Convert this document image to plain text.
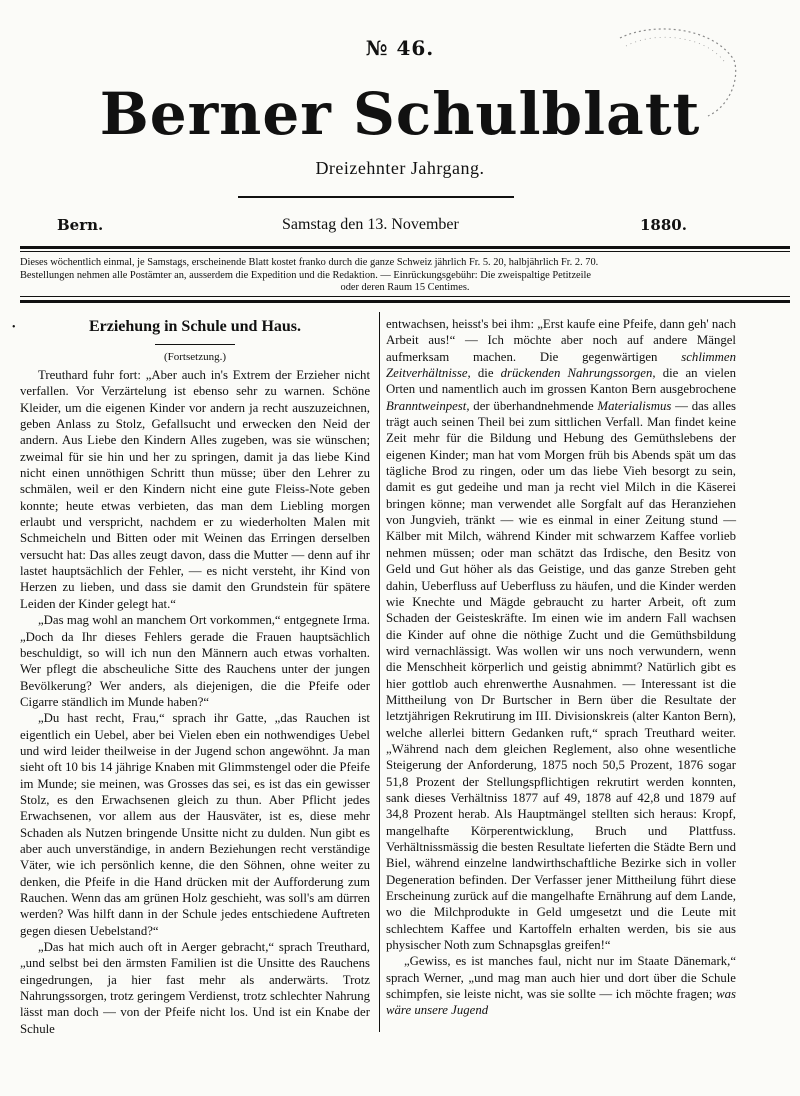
№ 46.
Berner Schulblatt
Dreizehnter Jahrgang.
Bern.	Samstag den 13. November	1880.
Dieses wöchentlich einmal, je Samstags, erscheinende Blatt kostet franko durch die ganze Schweiz jährlich Fr. 5. 20, halbjährlich Fr. 2. 70.
Bestellungen nehmen alle Postämter an, ausserdem die Expedition und die Redaktion. — Einrückungsgebühr: Die zweispaltige Petitzeile
oder deren Raum 15 Centimes.
•	Erziehung in Schule und Haus.
(Fortsetzung.)

Treuthard fuhr fort: „Aber auch in's Extrem der Erzieher nicht verfallen. Vor Verzärtelung ist ebenso sehr zu warnen. Schöne Kleider, um die eigenen Kinder vor andern ja recht auszuzeichnen, geben Anlass zu Stolz, Gefallsucht und erwecken den Neid der andern. Aus Liebe den Kindern Alles zugeben, was sie wünschen; zweimal für sie hin und her zu springen, damit ja das liebe Kind nicht einen unnöthigen Schritt thun müsse; über den Lehrer zu schmälen, weil er den Kindern nicht eine gute Fleiss-Note geben konnte; heute etwas verbieten, das man dem Liebling morgen erlaubt und verspricht, nachdem er zu wiederholten Malen mit Schmeicheln und Bitten oder mit Weinen das Erringen derselben versucht hat: Das alles zeugt davon, dass die Mutter — denn auf ihr lastet hauptsächlich der Fehler, — es nicht versteht, ihr Kind von Herzen zu lieben, und dass sie damit den Grundstein für spätere Leiden der Kinder gelegt hat.“

„Das mag wohl an manchem Ort vorkommen,“ entgegnete Irma. „Doch da Ihr dieses Fehlers gerade die Frauen hauptsächlich beschuldigt, so will ich nun den Männern auch etwas vorhalten. Wer pflegt die abscheuliche Sitte des Rauchens unter der jungen Bevölkerung? Wer anders, als diejenigen, die die Pfeife oder Cigarre ständlich im Munde haben?“

„Du hast recht, Frau,“ sprach ihr Gatte, „das Rauchen ist eigentlich ein Uebel, aber bei Vielen eben ein nothwendiges Uebel und wird leider theilweise in der Jugend schon angewöhnt. Ja man sieht oft 10 bis 14 jährige Knaben mit Glimmstengel oder die Pfeife im Munde; sie meinen, was Grosses das sei, es ist das ein gewisser Stolz, es den Erwachsenen gleich zu thun. Aber Pflicht jedes Erwachsenen, vor allem aus der Hausväter, ist es, diese mehr Schaden als Nutzen bringende Unsitte nicht zu dulden. Nun gibt es aber auch unverständige, in andern Beziehungen recht verständige Väter, wie ich persönlich kenne, die den Söhnen, ohne weiter zu denken, die Pfeife in die Hand drücken mit der Aufforderung zum Rauchen. Wenn das am grünen Holz geschieht, was soll's am dürren werden? Was hilft dann in der Schule jedes entschiedene Auftreten gegen diesen Uebelstand?“

„Das hat mich auch oft in Aerger gebracht,“ sprach Treuthard, „und selbst bei den ärmsten Familien ist die Unsitte des Rauchens eingedrungen, ja hier fast mehr als anderwärts. Trotz Nahrungssorgen, trotz geringem Verdienst, trotz schlechter Nahrung lässt man doch — von der Pfeife nicht los. Und ist ein Knabe der Schule

entwachsen, heisst's bei ihm: „Erst kaufe eine Pfeife, dann geh' nach Arbeit aus!“ — Ich möchte aber noch auf andere Mängel aufmerksam machen. Die gegenwärtigen schlimmen Zeitverhältnisse, die drückenden Nahrungssorgen, die an vielen Orten und namentlich auch im grossen Kanton Bern ausgebrochene Branntweinpest, der überhandnehmende Materialismus — das alles trägt auch seinen Theil bei zum sittlichen Verfall. Man findet keine Zeit mehr für die Bildung und Hebung des Gemüthslebens der eigenen Kinder; man hat vom Morgen früh bis Abends spät um das tägliche Brod zu ringen, oder um das liebe Vieh besorgt zu sein, damit es gut gedeihe und man ja recht viel Milch in die Käserei bringen könne; man verwendet alle Sorgfalt auf das Heranziehen von Jungvieh, tränkt — wie es einmal in einer Zeitung stund — Kälber mit Milch, während Kinder mit schwarzem Kaffee vorlieb nehmen müssen; oder man schätzt das Irdische, den Besitz von Geld und Gut höher als das Geistige, und das ganze Streben geht dahin, Ueberfluss auf Ueberfluss zu häufen, und die Kinder werden wie Knechte und Mägde gebraucht zu harter Arbeit, oft zum Schaden der Geisteskräfte. Im einen wie im andern Fall wachsen die Kinder auf ohne die nöthige Zucht und die Gemüthsbildung wird vernachlässigt. Was wollen wir uns noch verwundern, wenn die Menschheit körperlich und geistig abnimmt? Natürlich gibt es hier gottlob auch ehrenwerthe Ausnahmen. — Interessant ist die Mittheilung von Dr Burtscher in Bern über die Resultate der letztjährigen Rekrutirung im III. Divisionskreis (alter Kanton Bern), welche allerlei bittern Gedanken ruft,“ sprach Treuthard weiter. „Während nach dem gleichen Reglement, also ohne wesentliche Steigerung der Anforderung, 1875 noch 50,5 Prozent, 1876 sogar 51,8 Prozent der Stellungspflichtigen rekrutirt werden konnten, sank dieses Verhältniss 1877 auf 49, 1878 auf 42,8 und 1879 auf 34,8 Prozent herab. Als Hauptmängel stellten sich heraus: Kropf, mangelhafte Körperentwicklung, Bruch und Plattfuss. Verhältnissmässig die besten Resultate lieferten die Städte Bern und Biel, während einzelne landwirthschaftliche Bezirke sich in voller Degeneration befinden. Der Verfasser jener Mittheilung führt diese Erscheinung zurück auf die mangelhafte Ernährung auf dem Lande, wo die Milchprodukte in Geld umgesetzt und die Leute mit schlechtem Kaffee und Kartoffeln erhalten werden, bis sie aus physischer Noth zum Schnapsglas greifen!“

„Gewiss, es ist manches faul, nicht nur im Staate Dänemark,“ sprach Werner, „und mag man auch hier und dort über die Schule schimpfen, sie leiste nicht, was sie sollte — ich möchte fragen; was wäre unsere Jugend
